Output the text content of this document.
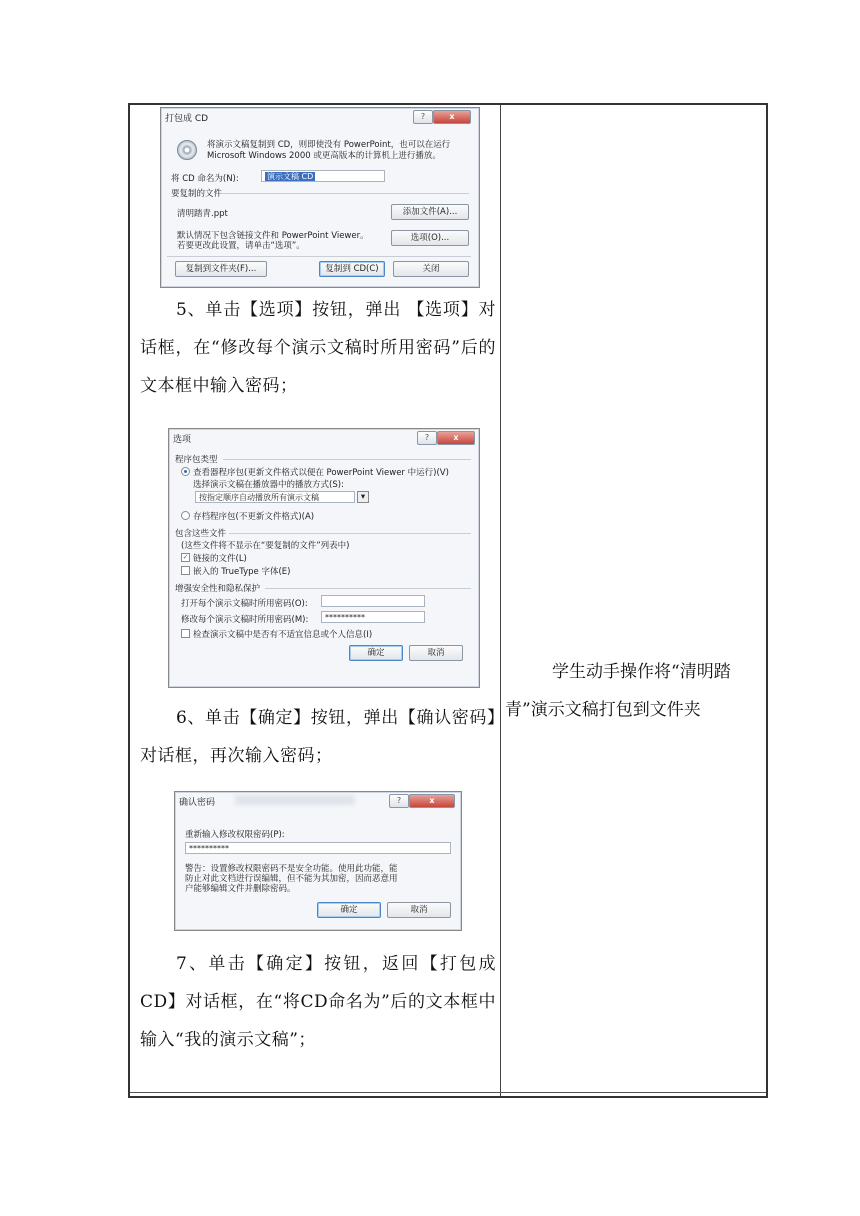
打包成 CD	?	x
将演示文稿复制到 CD，则即使没有 PowerPoint，也可以在运行
Microsoft Windows 2000 或更高版本的计算机上进行播放。
将 CD 命名为(N):	演示文稿 CD
要复制的文件
清明踏青.ppt	添加文件(A)...
默认情况下包含链接文件和 PowerPoint Viewer。
若要更改此设置，请单击“选项”。
选项(O)...
复制到文件夹(F)...	复制到 CD(C)	关闭
5、单击【选项】按钮，弹出 【选项】对话框，在“修改每个演示文稿时所用密码”后的文本框中输入密码；
选项	?	x
程序包类型
查看器程序包(更新文件格式以便在 PowerPoint Viewer 中运行)(V)
选择演示文稿在播放器中的播放方式(S):
按指定顺序自动播放所有演示文稿	▾
存档程序包(不更新文件格式)(A)
包含这些文件
(这些文件将不显示在“要复制的文件”列表中)
✓ 链接的文件(L)
嵌入的 TrueType 字体(E)
增强安全性和隐私保护
打开每个演示文稿时所用密码(O):
修改每个演示文稿时所用密码(M):	**********
检查演示文稿中是否有不适宜信息或个人信息(I)
确定	取消
6、单击【确定】按钮，弹出【确认密码】对话框，再次输入密码；
确认密码	?	x
重新输入修改权限密码(P):
**********
警告：设置修改权限密码不是安全功能。使用此功能，能
防止对此文档进行误编辑，但不能为其加密，因而恶意用
户能够编辑文件并删除密码。
确定	取消
7、单击【确定】按钮，返回【打包成CD】对话框，在“将CD命名为”后的文本框中输入“我的演示文稿”；
学生动手操作将“清明踏青”演示文稿打包到文件夹
